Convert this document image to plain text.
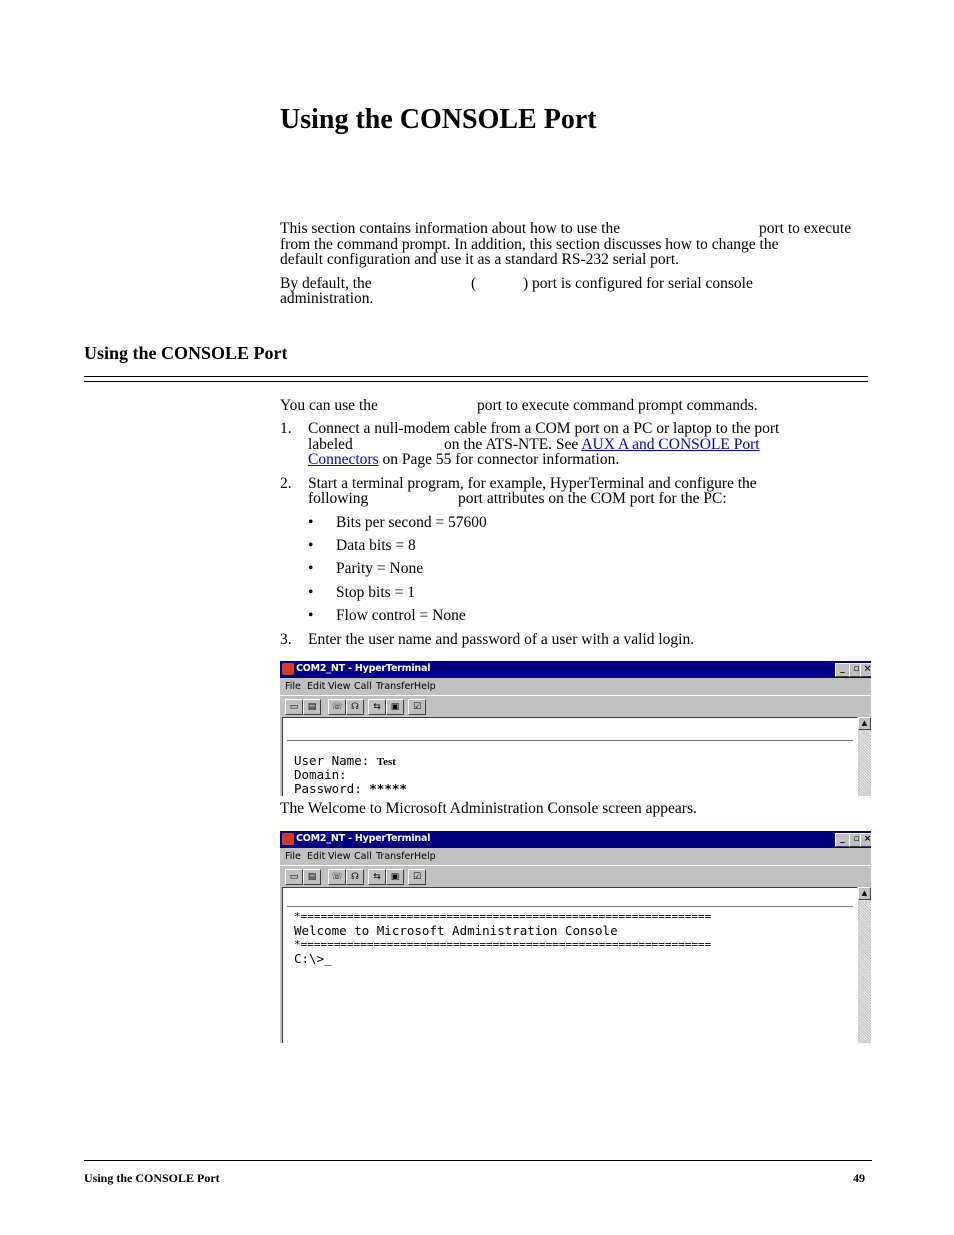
Using the CONSOLE Port
This section contains information about how to use the	port to execute
from the command prompt. In addition, this section discusses how to change the
default configuration and use it as a standard RS-232 serial port.
By default, the	(	) port is configured for serial console
administration.
Using the CONSOLE Port
You can use the	port to execute command prompt commands.
1. Connect a null-modem cable from a COM port on a PC or laptop to the port
labeled	on the ATS-NTE. See AUX A and CONSOLE Port
Connectors on Page 55 for connector information.
2. Start a terminal program, for example, HyperTerminal and configure the
following	port attributes on the COM port for the PC:
• Bits per second = 57600
• Data bits = 8
• Parity = None
• Stop bits = 1
• Flow control = None
3. Enter the user name and password of a user with a valid login.
COM2_NT - HyperTerminal	_ ▫ ×
File Edit View Call Transfer Help
▭	▤	☏ ☊	⇆	▣	☑
User Name: Test
Domain:
Password: *****
▲
The Welcome to Microsoft Administration Console screen appears.
COM2_NT - HyperTerminal	_ ▫ ×
File Edit View Call Transfer Help
▭	▤	☏ ☊	⇆	▣	☑
*==============================================================
Welcome to Microsoft Administration Console
*==============================================================
C:\>_
▲
Using the CONSOLE Port	49
